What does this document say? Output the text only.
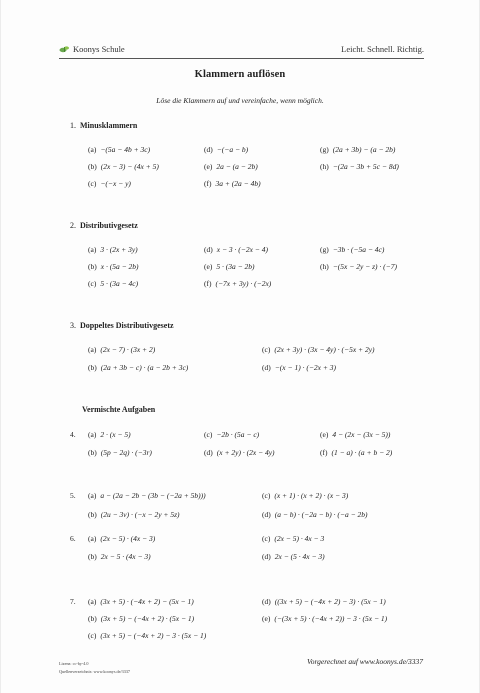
Koonys Schule	Leicht. Schnell. Richtig.
Klammern auflösen
Löse die Klammern auf und vereinfache, wenn möglich.
1. Minusklammern
(a) −(5a − 4b + 3c)
(b) (2x − 3) − (4x + 5)
(c) −(−x − y)
(d) −(−a − b)
(e) 2a − (a − 2b)
(f) 3a + (2a − 4b)
(g) (2a + 3b) − (a − 2b)
(h) −(2a − 3b + 5c − 8d)
2. Distributivgesetz
(a) 3 · (2x + 3y)
(b) x · (5a − 2b)
(c) 5 · (3a − 4c)
(d) x − 3 · (−2x − 4)
(e) 5 · (3a − 2b)
(f) (−7x + 3y) · (−2x)
(g) −3b · (−5a − 4c)
(h) −(5x − 2y − z) · (−7)
3. Doppeltes Distributivgesetz
(a) (2x − 7) · (3x + 2)
(b) (2a + 3b − c) · (a − 2b + 3c)
(c) (2x + 3y) · (3x − 4y) · (−5x + 2y)
(d) −(x − 1) · (−2x + 3)
Vermischte Aufgaben
4. (a) 2 · (x − 5)
(b) (5p − 2q) · (−3r)
(c) −2b · (5a − c)
(d) (x + 2y) · (2x − 4y)
(e) 4 − (2x − (3x − 5))
(f) (1 − a) · (a + b − 2)
5. (a) a − (2a − 2b − (3b − (−2a + 5b)))
(b) (2u − 3v) · (−x − 2y + 5z)
(c) (x + 1) · (x + 2) · (x − 3)
(d) (a − b) · (−2a − b) · (−a − 2b)
6. (a) (2x − 5) · (4x − 3)
(b) 2x − 5 · (4x − 3)
(c) (2x − 5) · 4x − 3
(d) 2x − (5 · 4x − 3)
7. (a) (3x + 5) · (−4x + 2) − (5x − 1)
(b) (3x + 5) − (−4x + 2) · (5x − 1)
(c) (3x + 5) − (−4x + 2) − 3 · (5x − 1)
(d) ((3x + 5) − (−4x + 2) − 3) · (5x − 1)
(e) (−(3x + 5) · (−4x + 2)) − 3 · (5x − 1)
Lizenz: cc-by-4.0
Quellenverzeichnis: www.koonys.de/3337
Vorgerechnet auf www.koonys.de/3337
